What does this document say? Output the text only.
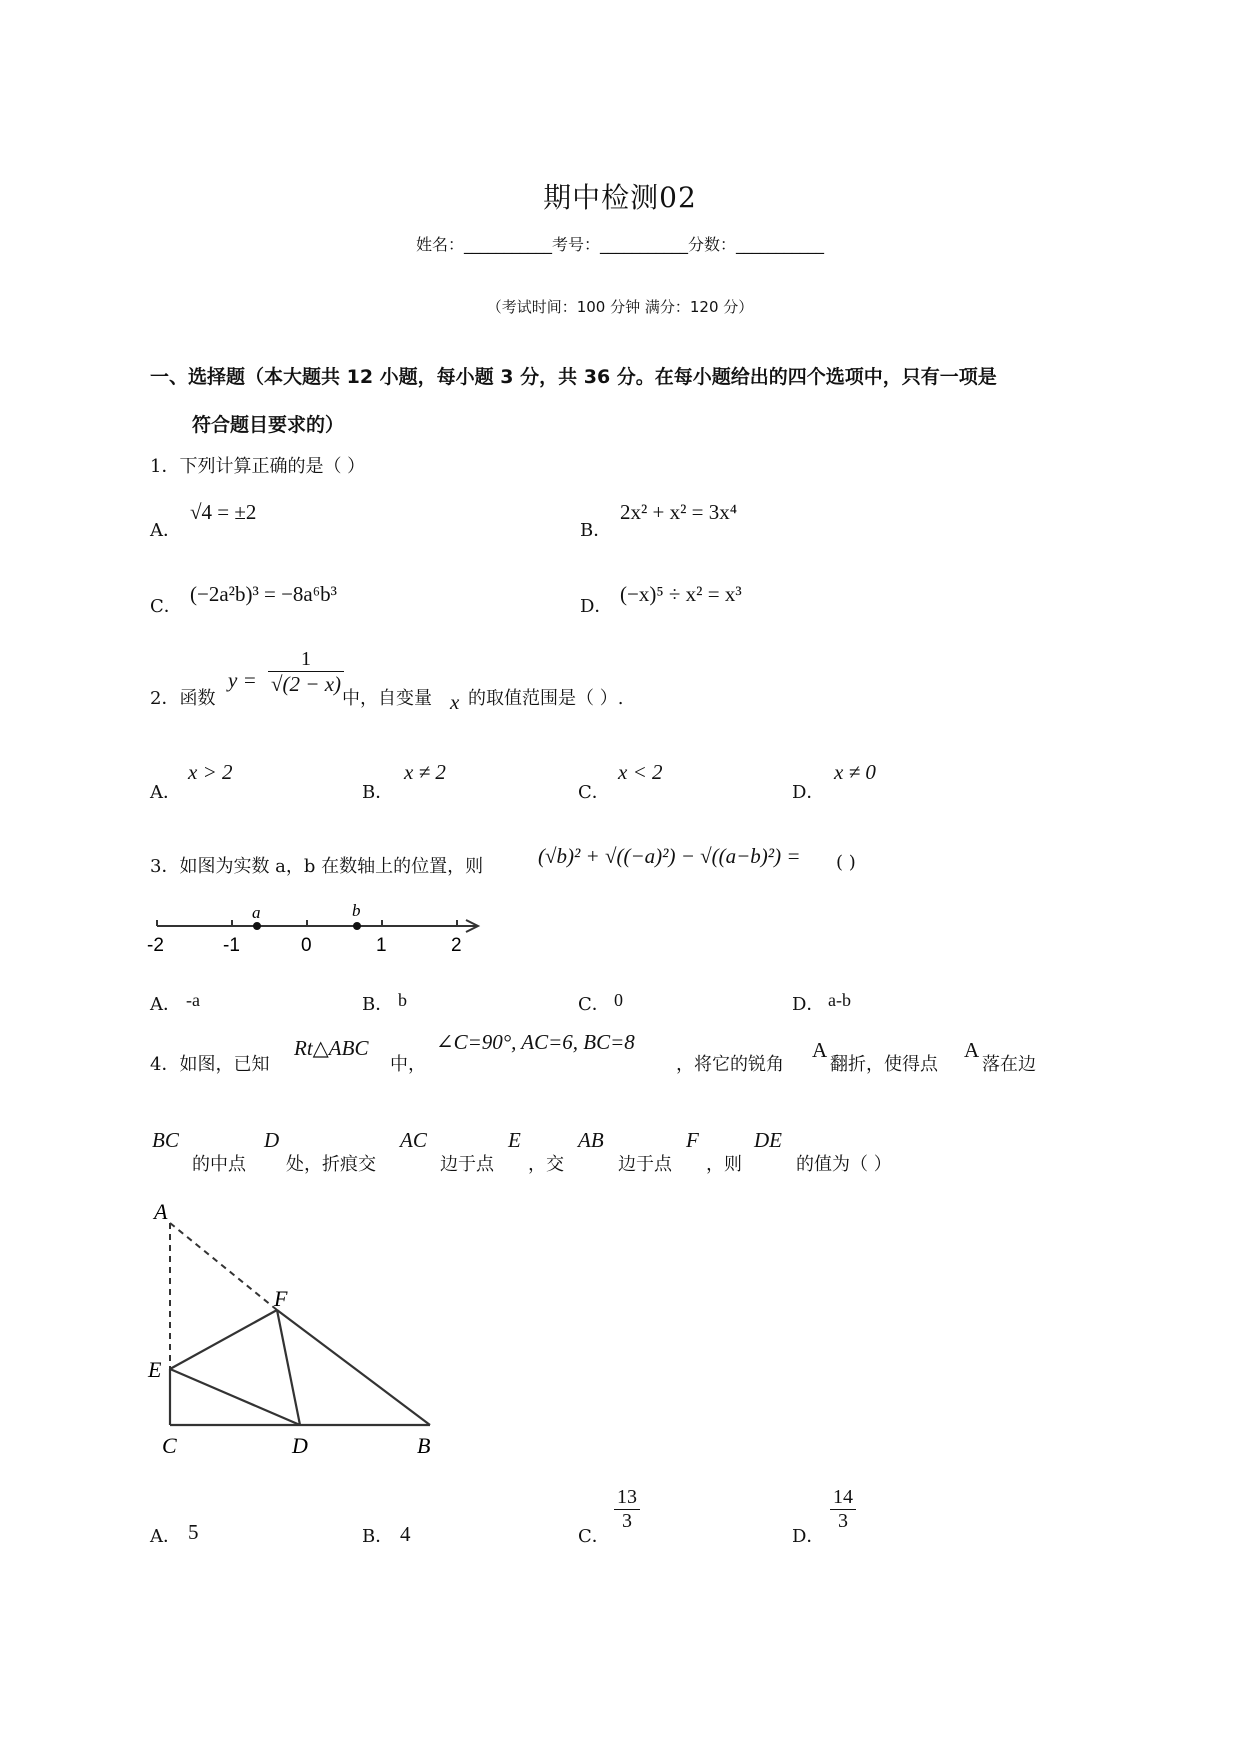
期中检测02
姓名：___________考号：___________分数：___________
（考试时间：100 分钟 满分：120 分）
一、选择题（本大题共 12 小题，每小题 3 分，共 36 分。在每小题给出的四个选项中，只有一项是
符合题目要求的）
1．下列计算正确的是（ ）
A．
√4 = ±2
B．
2x² + x² = 3x⁴
C．
(−2a²b)³ = −8a⁶b³
D．
(−x)⁵ ÷ x² = x³
2．函数
$y = \frac{1}{√(2 - x)}$
中，自变量 x 的取值范围是（ ）.
A．
x > 2
B．
x ≠ 2
C．
x < 2
D．
x ≠ 0
3．如图为实数 a，b 在数轴上的位置，则	(√b)² + √((−a)²) − √((a−b)²) = ( )
a	b
-2	-1	0	1	2
A． -a	B． b	C． 0	D． a-b
4．如图，已知
Rt△ABC
中，
∠C=90°, AC=6, BC=8
，将它的锐角
A
翻折，使得点
A
落在边
BC
的中点
D
处，折痕交
AC
边于点
E
，交
AB
边于点
F
，则
DE
的值为（ ）
A
F
E
C	D	B
A． 5	B． 4	C．
$\frac{13}{3}$
D．
$\frac{14}{3}$
